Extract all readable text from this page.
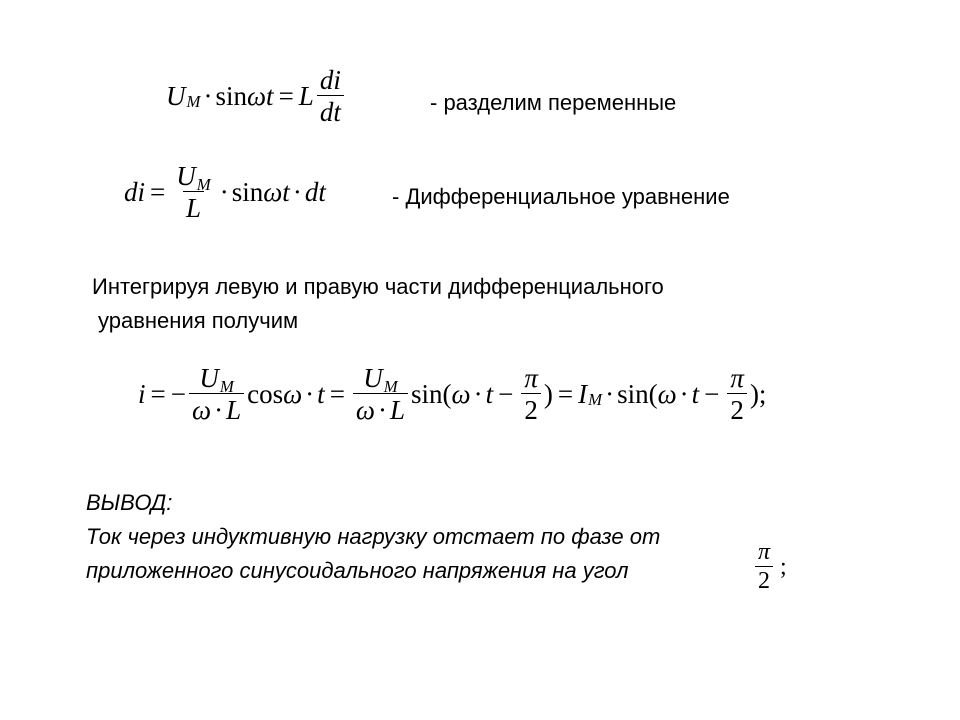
U M · sin ω t = L $\frac{di}{dt}$	- разделим переменные
di = $\frac{UM}{L} \cdot \sin \omega$ t · dt	- Дифференциальное уравнение
Интегрируя левую и правую части дифференциального
уравнения получим
i = − $\frac{UM}{\omega \cdot L}$ $\cos \omega \cdot t = \frac{UM}{\omega \cdot L} \sin$( $\omega \cdot t - \frac{\pi}{2}$ ) = I M · sin( $\omega \cdot t - \frac{\pi}{2}$ );
ВЫВОД:
Ток через индуктивную нагрузку отстает по фазе от
приложенного синусоидального напряжения на угол	$\frac{\pi}{2}$ ;
